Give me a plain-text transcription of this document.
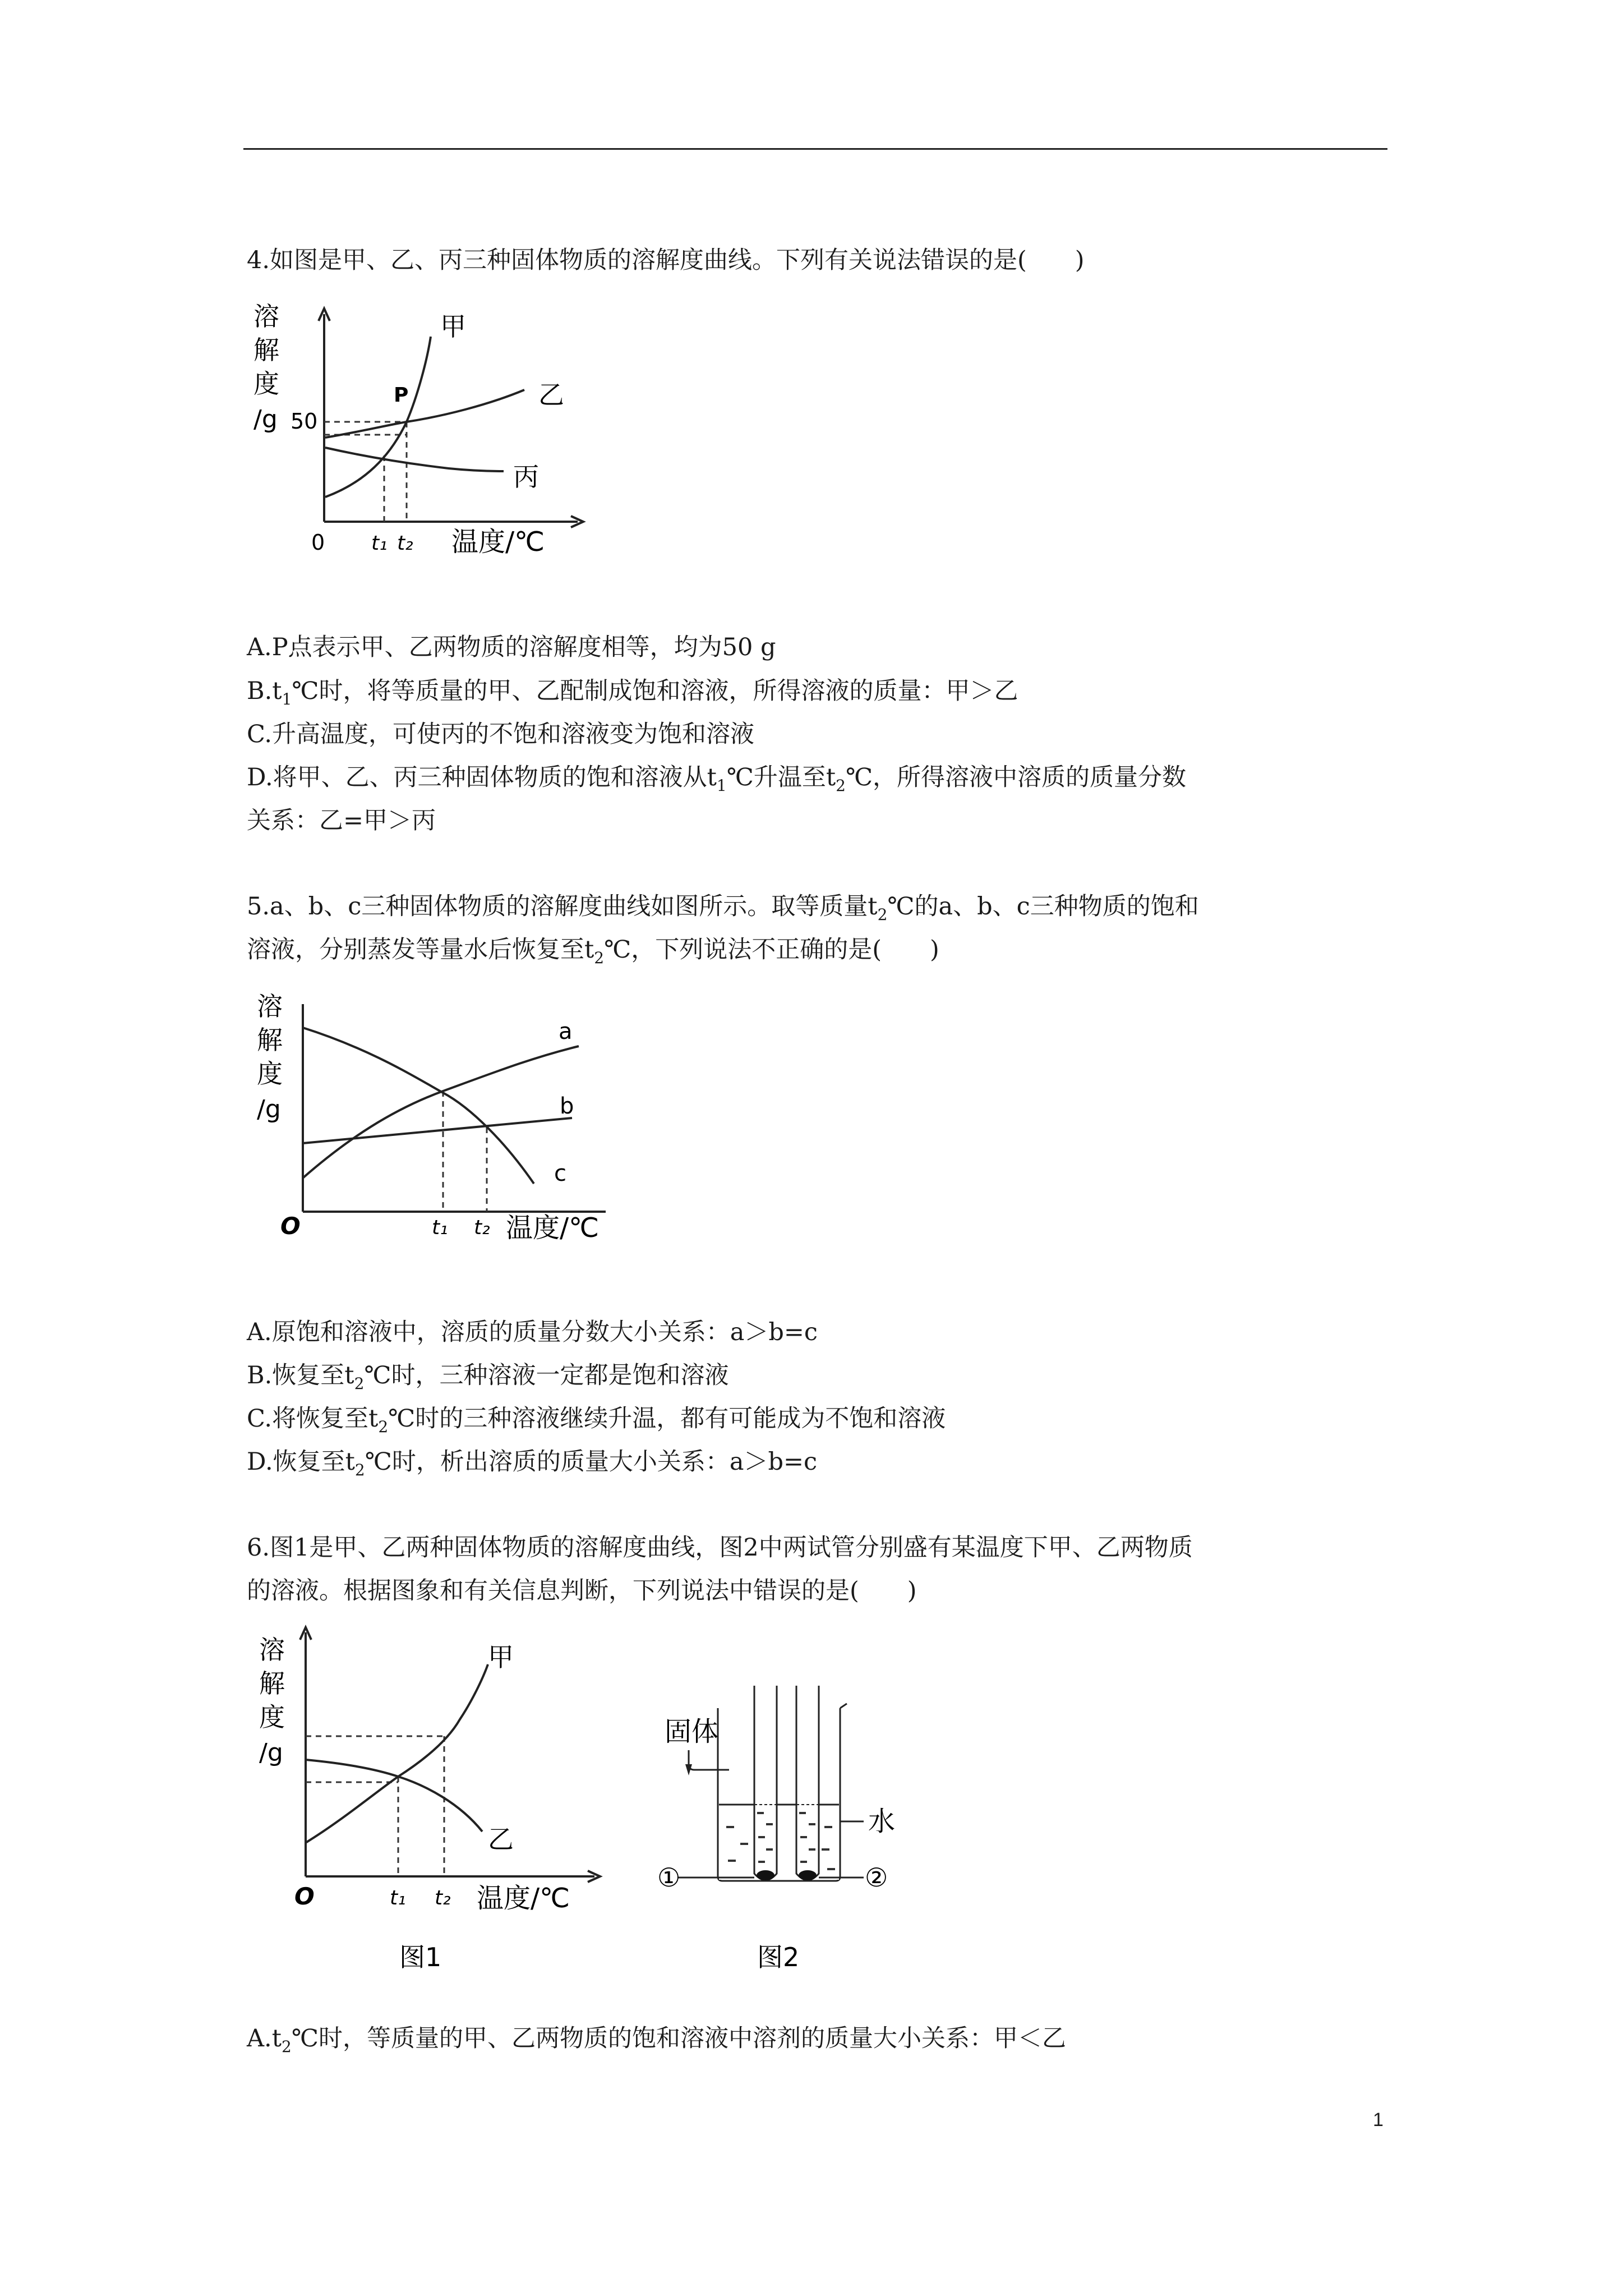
4.如图是甲、乙、丙三种固体物质的溶解度曲线。下列有关说法错误的是(　　)
溶
解
度
/g 50
P
甲
乙
丙
0 t₁ t₂ 温度/℃
A.P点表示甲、乙两物质的溶解度相等，均为50 g
$B.t_1℃$时，将等质量的甲、乙配制成饱和溶液，所得溶液的质量：甲＞乙
C.升高温度，可使丙的不饱和溶液变为饱和溶液
D.将甲、乙、丙三种固体物质的饱和溶液从$t_1℃$升温至$t_2℃$，所得溶液中溶质的质量分数
关系：乙=甲＞丙
5.a、b、c三种固体物质的溶解度曲线如图所示。取等质量$t_2℃$的a、b、c三种物质的饱和
溶液，分别蒸发等量水后恢复至$t_2℃$，下列说法不正确的是(　　)
溶
解
度
/g
a
b
c
O	t₁ t₂ 温度/℃
A.原饱和溶液中，溶质的质量分数大小关系：a＞b=c
B.恢复至$t_2℃$时，三种溶液一定都是饱和溶液
C.将恢复至$t_2℃$时的三种溶液继续升温，都有可能成为不饱和溶液
D.恢复至$t_2℃$时，析出溶质的质量大小关系：a＞b=c
6.图1是甲、乙两种固体物质的溶解度曲线，图2中两试管分别盛有某温度下甲、乙两物质
的溶液。根据图象和有关信息判断，下列说法中错误的是(　　)
溶
解
度
/g
甲
乙
O	t₁ t₂ 温度/℃
图1
固体
水
①	②
图2
$A.t_2℃$时，等质量的甲、乙两物质的饱和溶液中溶剂的质量大小关系：甲＜乙
1
